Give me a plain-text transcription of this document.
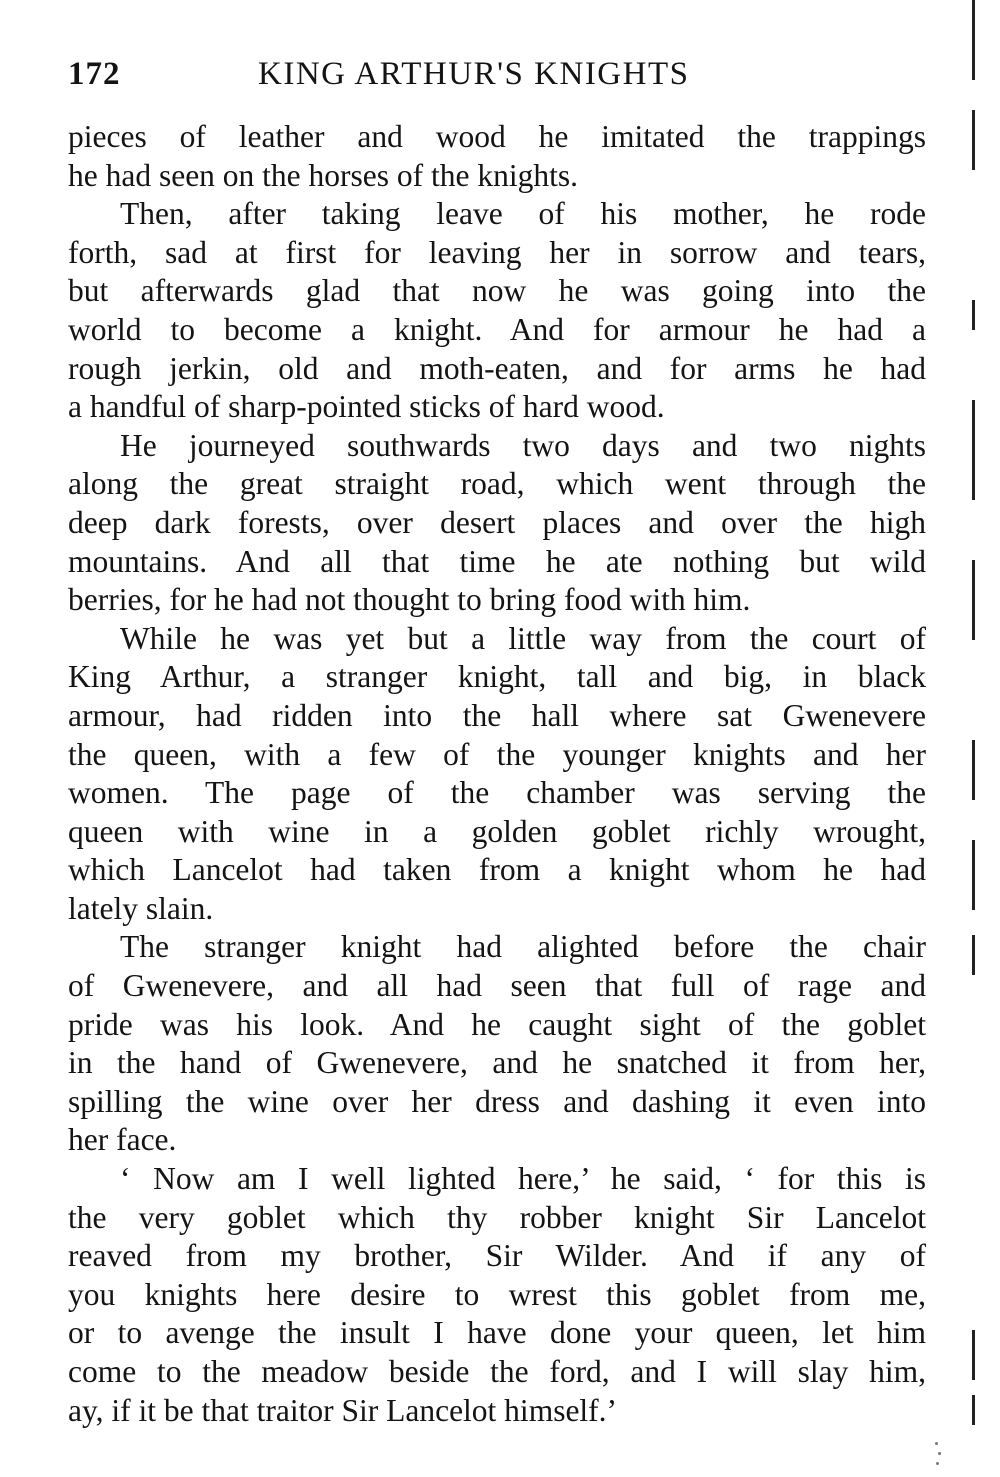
172	KING ARTHUR'S KNIGHTS
pieces of leather and wood he imitated the trappings
he had seen on the horses of the knights.
Then, after taking leave of his mother, he rode
forth, sad at first for leaving her in sorrow and tears,
but afterwards glad that now he was going into the
world to become a knight. And for armour he had a
rough jerkin, old and moth-eaten, and for arms he had
a handful of sharp-pointed sticks of hard wood.
He journeyed southwards two days and two nights
along the great straight road, which went through the
deep dark forests, over desert places and over the high
mountains. And all that time he ate nothing but wild
berries, for he had not thought to bring food with him.
While he was yet but a little way from the court of
King Arthur, a stranger knight, tall and big, in black
armour, had ridden into the hall where sat Gwenevere
the queen, with a few of the younger knights and her
women. The page of the chamber was serving the
queen with wine in a golden goblet richly wrought,
which Lancelot had taken from a knight whom he had
lately slain.
The stranger knight had alighted before the chair
of Gwenevere, and all had seen that full of rage and
pride was his look. And he caught sight of the goblet
in the hand of Gwenevere, and he snatched it from her,
spilling the wine over her dress and dashing it even into
her face.
‘ Now am I well lighted here,’ he said, ‘ for this is
the very goblet which thy robber knight Sir Lancelot
reaved from my brother, Sir Wilder. And if any of
you knights here desire to wrest this goblet from me,
or to avenge the insult I have done your queen, let him
come to the meadow beside the ford, and I will slay him,
ay, if it be that traitor Sir Lancelot himself.’
